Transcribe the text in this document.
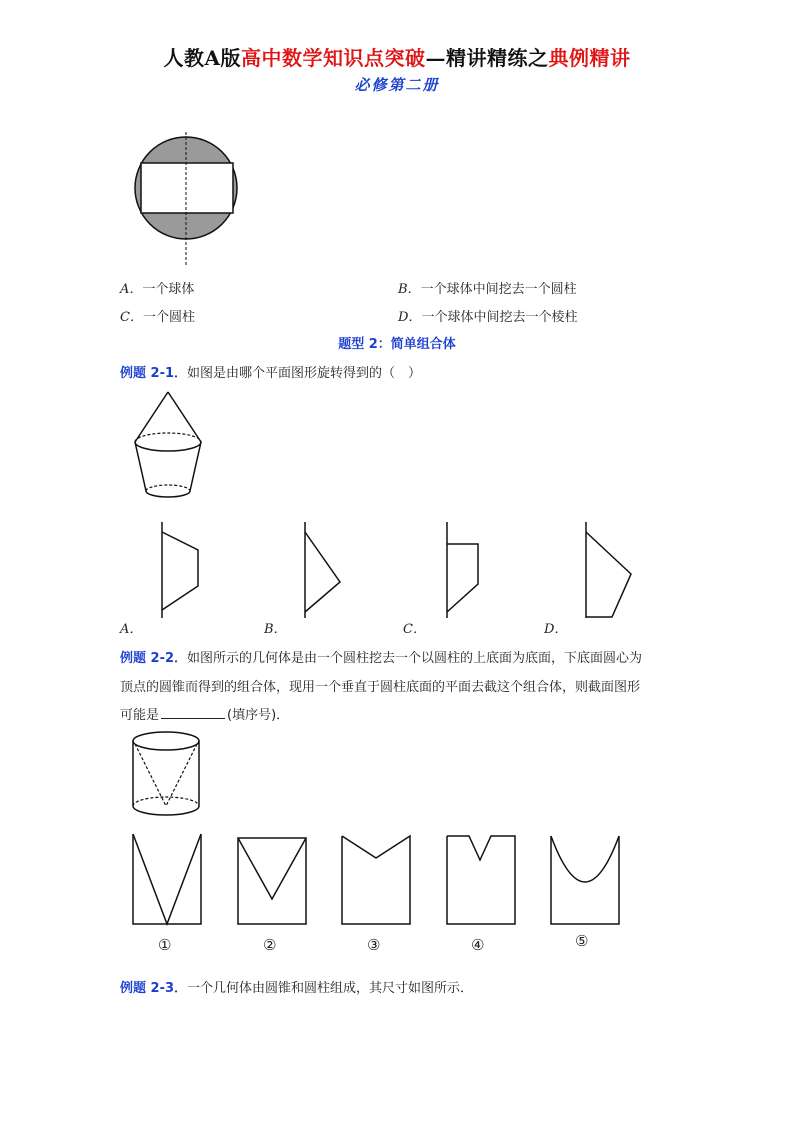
人教A版高中数学知识点突破—精讲精练之典例精讲
必修第二册
A．一个球体	B．一个球体中间挖去一个圆柱
C．一个圆柱	D．一个球体中间挖去一个棱柱
题型 2：简单组合体
例题 2-1．如图是由哪个平面图形旋转得到的（　）
A．	B．	C．	D．
例题 2-2．如图所示的几何体是由一个圆柱挖去一个以圆柱的上底面为底面，下底面圆心为
顶点的圆锥而得到的组合体，现用一个垂直于圆柱底面的平面去截这个组合体，则截面图形
可能是	(填序号)．
①	②	③	④	⑤
例题 2-3．一个几何体由圆锥和圆柱组成，其尺寸如图所示．
